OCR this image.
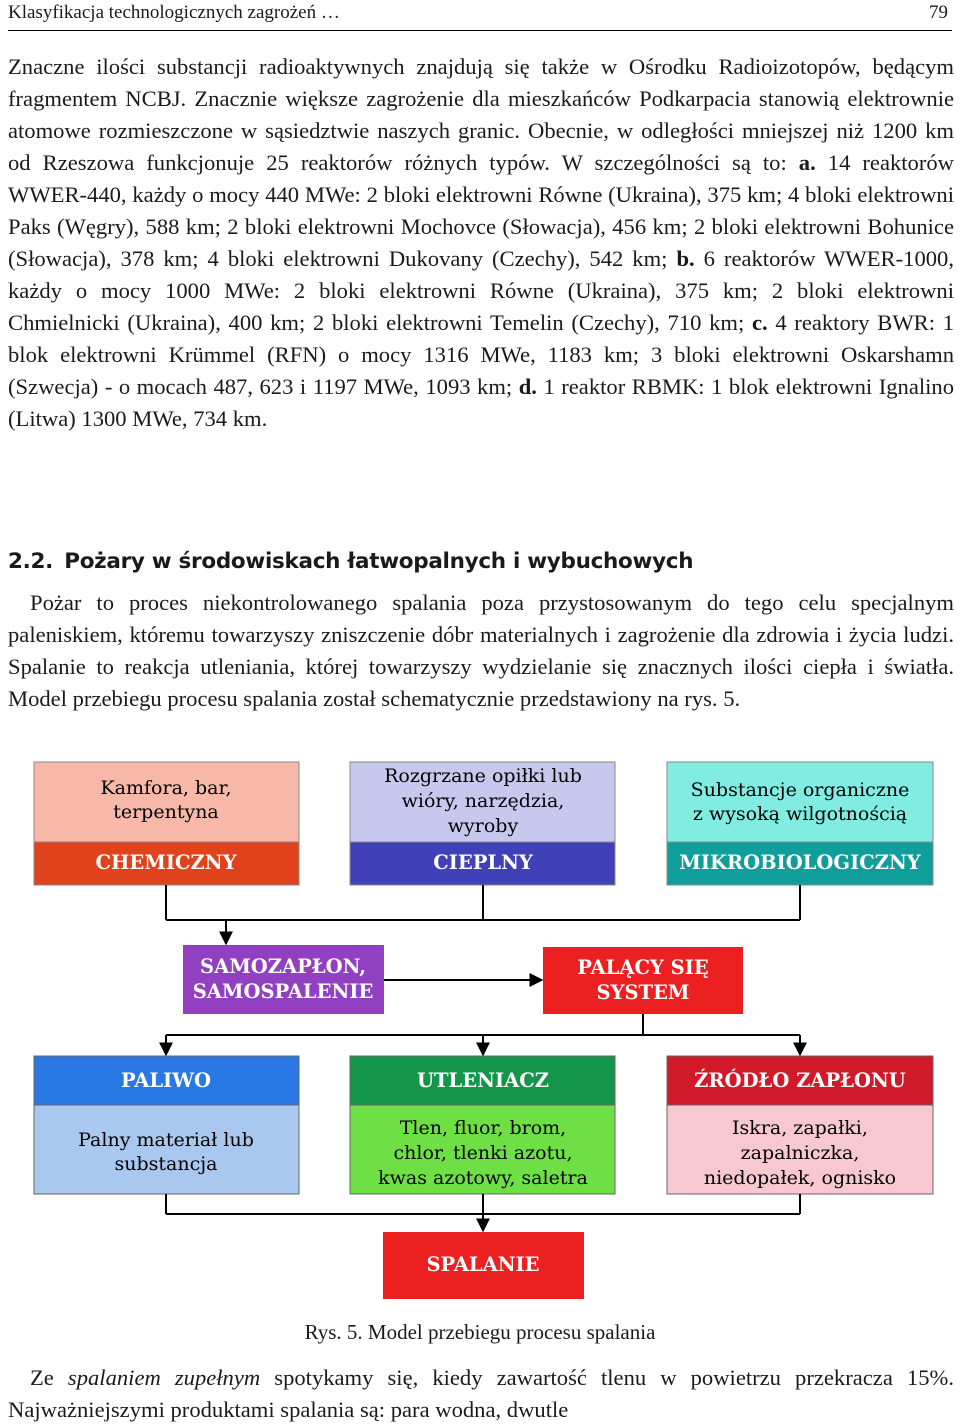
Klasyfikacja technologicznych zagrożeń …	79

Znaczne ilości substancji radioaktywnych znajdują się także w Ośrodku Radioizotopów, będącym fragmentem NCBJ. Znacznie większe zagrożenie dla mieszkańców Podkarpacia stanowią elektrownie atomowe rozmieszczone w sąsiedztwie naszych granic. Obecnie, w odległości mniejszej niż 1200 km od Rzeszowa funkcjonuje 25 reaktorów różnych typów. W szczególności są to: a. 14 reaktorów WWER-440, każdy o mocy 440 MWe: 2 bloki elektrowni Równe (Ukraina), 375 km; 4 bloki elektrowni Paks (Węgry), 588 km; 2 bloki elektrowni Mochovce (Słowacja), 456 km; 2 bloki elektrowni Bohunice (Słowacja), 378 km; 4 bloki elektrowni Dukovany (Czechy), 542 km; b. 6 reaktorów WWER-1000, każdy o mocy 1000 MWe: 2 bloki elektrowni Równe (Ukraina), 375 km; 2 bloki elektrowni Chmielnicki (Ukraina), 400 km; 2 bloki elektrowni Temelin (Czechy), 710 km; c. 4 reaktory BWR: 1 blok elektrowni Krümmel (RFN) o mocy 1316 MWe, 1183 km; 3 bloki elektrowni Oskarshamn (Szwecja) - o mocach 487, 623 i 1197 MWe, 1093 km; d. 1 reaktor RBMK: 1 blok elektrowni Ignalino (Litwa) 1300 MWe, 734 km.

2.2. Pożary w środowiskach łatwopalnych i wybuchowych

Pożar to proces niekontrolowanego spalania poza przystosowanym do tego celu specjalnym paleniskiem, któremu towarzyszy zniszczenie dóbr materialnych i zagrożenie dla zdrowia i życia ludzi. Spalanie to reakcja utleniania, której towarzyszy wydzielanie się znacznych ilości ciepła i światła. Model przebiegu procesu spalania został schematycznie przedstawiony na rys. 5.

Kamfora, bar,
terpentyna
CHEMICZNY
Rozgrzane opiłki lub
wióry, narzędzia,
wyroby
CIEPLNY
Substancje organiczne
z wysoką wilgotnością
MIKROBIOLOGICZNY
SAMOZAPŁON,
SAMOSPALENIE
PALĄCY SIĘ
SYSTEM
PALIWO
Palny materiał lub
substancja
UTLENIACZ
Tlen, fluor, brom,
chlor, tlenki azotu,
kwas azotowy, saletra
ŹRÓDŁO ZAPŁONU
Iskra, zapałki,
zapalniczka,
niedopałek, ognisko
SPALANIE
Rys. 5. Model przebiegu procesu spalania

Ze spalaniem zupełnym spotykamy się, kiedy zawartość tlenu w powietrzu przekracza 15%. Najważniejszymi produktami spalania są: para wodna, dwutle
